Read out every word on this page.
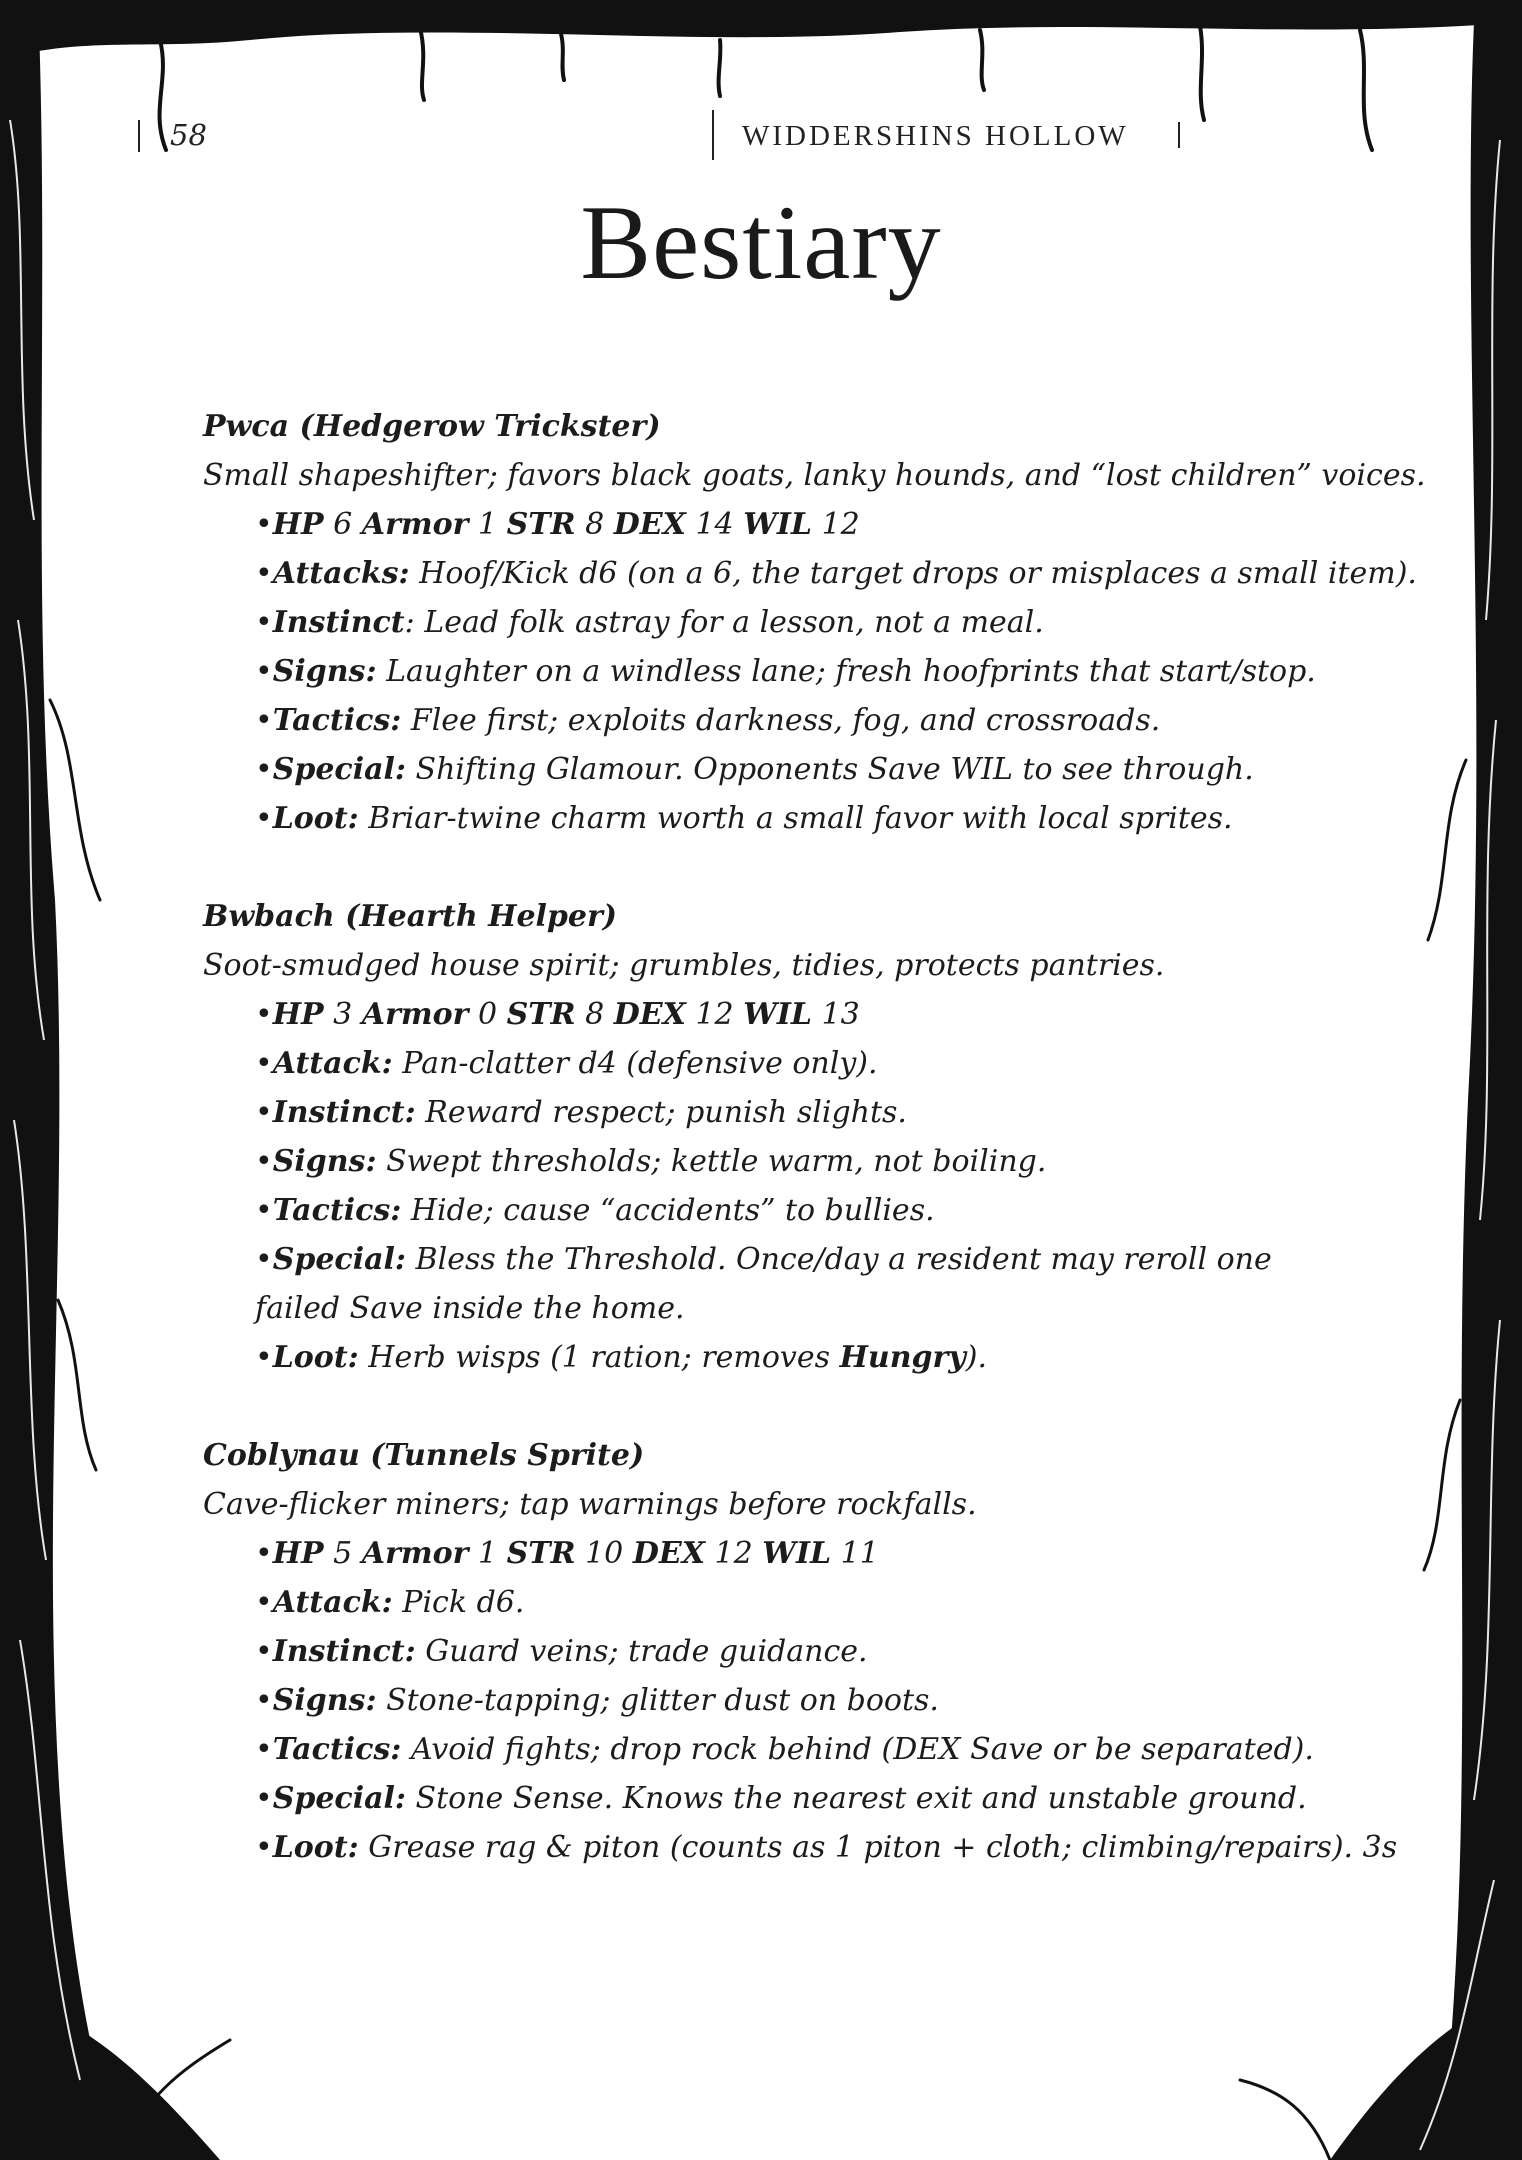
58	WIDDERSHINS HOLLOW
Bestiary
Pwca (Hedgerow Trickster)
Small shapeshifter; favors black goats, lanky hounds, and “lost children” voices.
•HP 6 Armor 1 STR 8 DEX 14 WIL 12
•Attacks: Hoof/Kick d6 (on a 6, the target drops or misplaces a small item).
•Instinct: Lead folk astray for a lesson, not a meal.
•Signs: Laughter on a windless lane; fresh hoofprints that start/stop.
•Tactics: Flee first; exploits darkness, fog, and crossroads.
•Special: Shifting Glamour. Opponents Save WIL to see through.
•Loot: Briar-twine charm worth a small favor with local sprites.
Bwbach (Hearth Helper)
Soot-smudged house spirit; grumbles, tidies, protects pantries.
•HP 3 Armor 0 STR 8 DEX 12 WIL 13
•Attack: Pan-clatter d4 (defensive only).
•Instinct: Reward respect; punish slights.
•Signs: Swept thresholds; kettle warm, not boiling.
•Tactics: Hide; cause “accidents” to bullies.
•Special: Bless the Threshold. Once/day a resident may reroll one failed Save inside the home.
•Loot: Herb wisps (1 ration; removes Hungry).
Coblynau (Tunnels Sprite)
Cave-flicker miners; tap warnings before rockfalls.
•HP 5 Armor 1 STR 10 DEX 12 WIL 11
•Attack: Pick d6.
•Instinct: Guard veins; trade guidance.
•Signs: Stone-tapping; glitter dust on boots.
•Tactics: Avoid fights; drop rock behind (DEX Save or be separated).
•Special: Stone Sense. Knows the nearest exit and unstable ground.
•Loot: Grease rag & piton (counts as 1 piton + cloth; climbing/repairs). 3s
